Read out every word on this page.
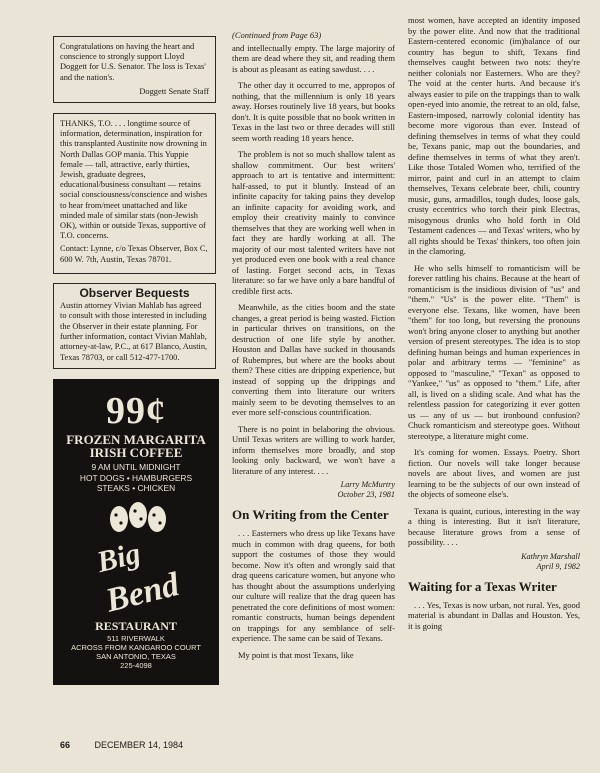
Congratulations on having the heart and conscience to strongly support Lloyd Doggett for U.S. Senator. The loss is Texas' and the nation's.
Doggett Senate Staff

THANKS, T.O. . . . longtime source of information, determination, inspiration for this transplanted Austinite now drowning in North Dallas GOP mania. This Yuppie female — tall, attractive, early thirties, Jewish, graduate degrees, educational/business consultant — retains social consciousness/conscience and wishes to hear from/meet unattached and like minded male of similar stats (non-Jewish OK), within or outside Texas, supportive of T.O. concerns.

Contact: Lynne, c/o Texas Observer, Box C, 600 W. 7th, Austin, Texas 78701.

Observer Bequests

Austin attorney Vivian Mahlab has agreed to consult with those interested in including the Observer in their estate planning. For further information, contact Vivian Mahlab, attorney-at-law, P.C., at 617 Blanco, Austin, Texas 78703, or call 512-477-1700.

99¢
FROZEN MARGARITA
IRISH COFFEE
9 AM UNTIL MIDNIGHT
HOT DOGS • HAMBURGERS
STEAKS • CHICKEN
Big
Bend
RESTAURANT
511 RIVERWALK
ACROSS FROM KANGAROO COURT
SAN ANTONIO, TEXAS
225-4098
(Continued from Page 63)

and intellectually empty. The large majority of them are dead where they sit, and reading them is about as pleasant as eating sawdust. . . .

The other day it occurred to me, appropos of nothing, that the millennium is only 18 years away. Horses routinely live 18 years, but books don't. It is quite possible that no book written in Texas in the last two or three decades will still seem worth reading 18 years hence.

The problem is not so much shallow talent as shallow commitment. Our best writers' approach to art is tentative and intermittent: half-assed, to put it bluntly. Instead of an infinite capacity for taking pains they develop an infinite capacity for avoiding work, and employ their creativity mainly to convince themselves that they are working well when in fact they are hardly working at all. The majority of our most talented writers have not yet produced even one book with a real chance of lasting. Forget second acts, in Texas literature: so far we have only a bare handful of credible first acts.

Meanwhile, as the cities boom and the state changes, a great period is being wasted. Fiction in particular thrives on transitions, on the destruction of one life style by another. Houston and Dallas have sucked in thousands of Rubempres, but where are the books about them? These cities are dripping experience, but instead of sopping up the drippings and converting them into literature our writers mainly seem to be devoting themselves to an ever more self-conscious countrification.

There is no point in belaboring the obvious. Until Texas writers are willing to work harder, inform themselves more broadly, and stop looking only backward, we won't have a literature of any interest. . . .

Larry McMurtry
October 23, 1981
On Writing from the Center

. . . Easterners who dress up like Texans have much in common with drag queens, for both support the costumes of those they would become. Now it's often and wrongly said that drag queens caricature women, but anyone who has thought about the assumptions underlying our culture will realize that the drag queen has penetrated the core definitions of most women: romantic constructs, human beings dependent on trappings for any semblance of self-experience. The same can be said of Texans.

My point is that most Texans, like

most women, have accepted an identity imposed by the power elite. And now that the traditional Eastern-centered economic (im)balance of our country has begun to shift, Texans find themselves caught between two nots: they're neither colonials nor Easterners. Who are they? The void at the center hurts. And because it's always easier to pile on the trappings than to walk open-eyed into anomie, the retreat to an old, false, Eastern-imposed, narrowly colonial identity has become more vigorous than ever. Instead of defining themselves in terms of what they could be, Texans panic, map out the boundaries, and define themselves in terms of what they aren't. Like those Totaled Women who, terrified of the mirror, paint and curl in an attempt to claim themselves, Texans celebrate beer, chili, country music, guns, armadillos, tough dudes, loose gals, crusty eccentrics who torch their pink Electras, misogynous drunks who hold forth in Old Testament cadences — and Texas' writers, who by all rights should be Texas' thinkers, too often join in the clamoring.

He who sells himself to romanticism will be forever rattling his chains. Because at the heart of romanticism is the insidious division of "us" and "them." "Us" is the power elite. "Them" is everyone else. Texans, like women, have been "them" for too long, but reversing the pronouns won't bring anyone closer to anything but another version of present stereotypes. The idea is to stop defining human beings and human experiences in polar and arbitrary terms — "feminine" as opposed to "masculine," "Texan" as opposed to "Yankee," "us" as opposed to "them." Life, after all, is lived on a sliding scale. And what has the relentless passion for categorizing it ever gotten us — any of us — but ironbound confusion? Chuck romanticism and stereotype goes. Without stereotype, a literature might come.

It's coming for women. Essays. Poetry. Short fiction. Our novels will take longer because novels are about lives, and women are just learning to be the subjects of our own instead of the objects of someone else's.

Texana is quaint, curious, interesting in the way a thing is interesting. But it isn't literature, because literature grows from a sense of possibility. . . .

Kathryn Marshall
April 9, 1982
Waiting for a Texas Writer

. . . Yes, Texas is now urban, not rural. Yes, good material is abundant in Dallas and Houston. Yes, it is going

66	DECEMBER 14, 1984
